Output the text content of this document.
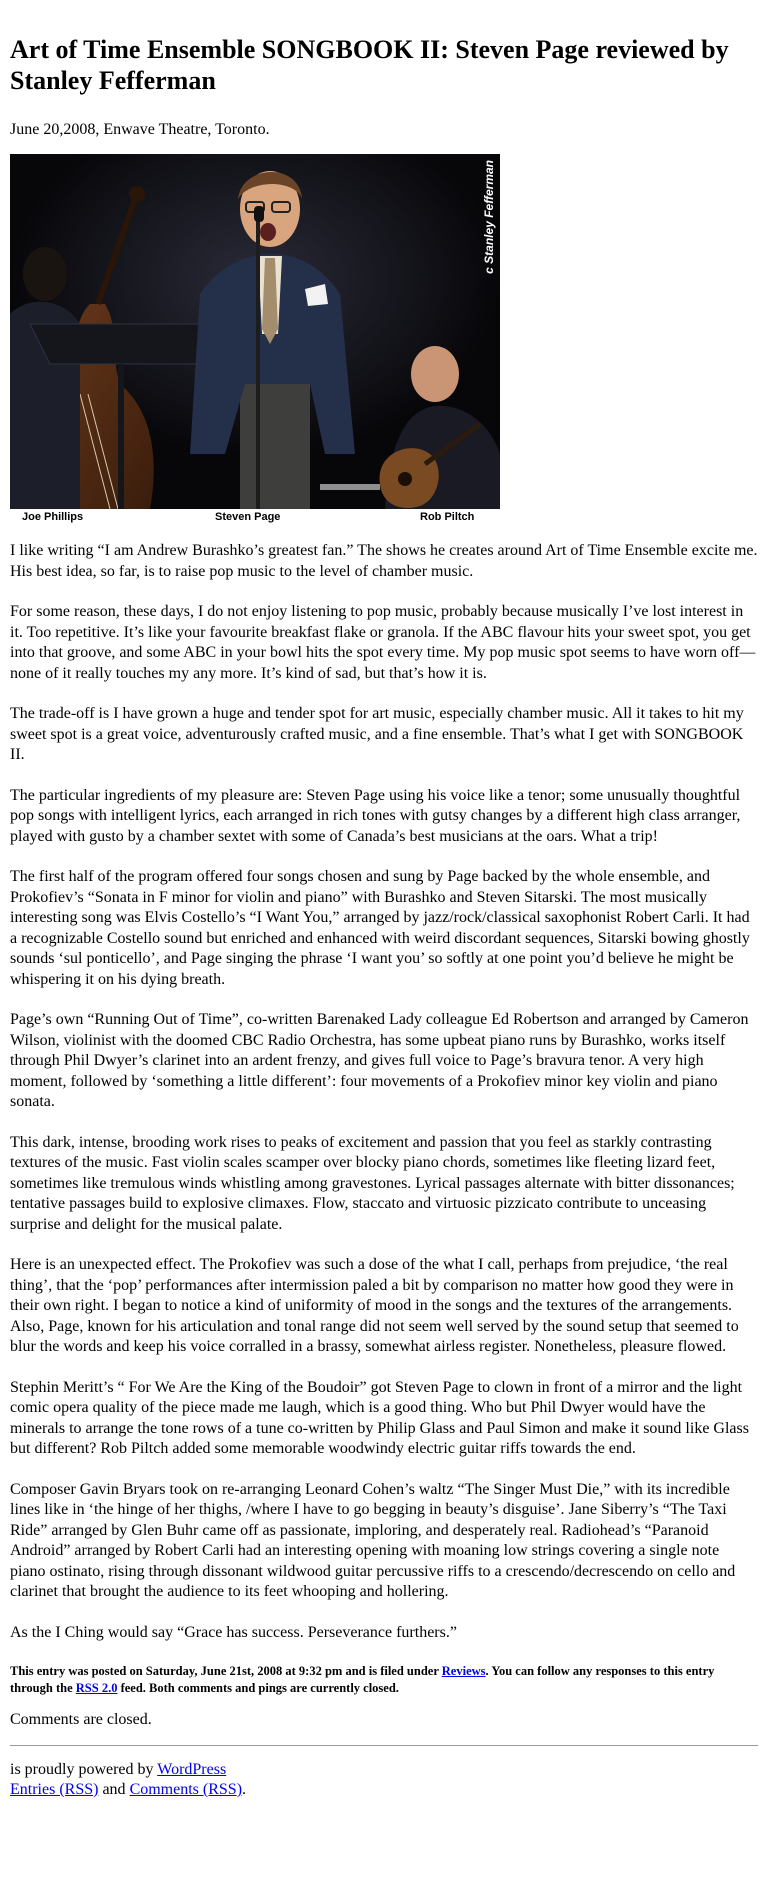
Art of Time Ensemble SONGBOOK II: Steven Page reviewed by Stanley Fefferman
June 20,2008, Enwave Theatre, Toronto.
c Stanley Fefferman
Joe Phillips	Steven Page	Rob Piltch

I like writing “I am Andrew Burashko’s greatest fan.” The shows he creates around Art of Time Ensemble excite me. His best idea, so far, is to raise pop music to the level of chamber music.

For some reason, these days, I do not enjoy listening to pop music, probably because musically I’ve lost interest in it. Too repetitive. It’s like your favourite breakfast flake or granola. If the ABC flavour hits your sweet spot, you get into that groove, and some ABC in your bowl hits the spot every time. My pop music spot seems to have worn off—none of it really touches my any more. It’s kind of sad, but that’s how it is.

The trade-off is I have grown a huge and tender spot for art music, especially chamber music. All it takes to hit my sweet spot is a great voice, adventurously crafted music, and a fine ensemble. That’s what I get with SONGBOOK II.

The particular ingredients of my pleasure are: Steven Page using his voice like a tenor; some unusually thoughtful pop songs with intelligent lyrics, each arranged in rich tones with gutsy changes by a different high class arranger, played with gusto by a chamber sextet with some of Canada’s best musicians at the oars. What a trip!

The first half of the program offered four songs chosen and sung by Page backed by the whole ensemble, and Prokofiev’s “Sonata in F minor for violin and piano” with Burashko and Steven Sitarski. The most musically interesting song was Elvis Costello’s “I Want You,” arranged by jazz/rock/classical saxophonist Robert Carli. It had a recognizable Costello sound but enriched and enhanced with weird discordant sequences, Sitarski bowing ghostly sounds ‘sul ponticello’, and Page singing the phrase ‘I want you’ so softly at one point you’d believe he might be whispering it on his dying breath.

Page’s own “Running Out of Time”, co-written Barenaked Lady colleague Ed Robertson and arranged by Cameron Wilson, violinist with the doomed CBC Radio Orchestra, has some upbeat piano runs by Burashko, works itself through Phil Dwyer’s clarinet into an ardent frenzy, and gives full voice to Page’s bravura tenor. A very high moment, followed by ‘something a little different’: four movements of a Prokofiev minor key violin and piano sonata.

This dark, intense, brooding work rises to peaks of excitement and passion that you feel as starkly contrasting textures of the music. Fast violin scales scamper over blocky piano chords, sometimes like fleeting lizard feet, sometimes like tremulous winds whistling among gravestones. Lyrical passages alternate with bitter dissonances; tentative passages build to explosive climaxes. Flow, staccato and virtuosic pizzicato contribute to unceasing surprise and delight for the musical palate.

Here is an unexpected effect. The Prokofiev was such a dose of the what I call, perhaps from prejudice, ‘the real thing’, that the ‘pop’ performances after intermission paled a bit by comparison no matter how good they were in their own right. I began to notice a kind of uniformity of mood in the songs and the textures of the arrangements. Also, Page, known for his articulation and tonal range did not seem well served by the sound setup that seemed to blur the words and keep his voice corralled in a brassy, somewhat airless register. Nonetheless, pleasure flowed.

Stephin Meritt’s “ For We Are the King of the Boudoir” got Steven Page to clown in front of a mirror and the light comic opera quality of the piece made me laugh, which is a good thing. Who but Phil Dwyer would have the minerals to arrange the tone rows of a tune co-written by Philip Glass and Paul Simon and make it sound like Glass but different? Rob Piltch added some memorable woodwindy electric guitar riffs towards the end.

Composer Gavin Bryars took on re-arranging Leonard Cohen’s waltz “The Singer Must Die,” with its incredible lines like in ‘the hinge of her thighs, /where I have to go begging in beauty’s disguise’. Jane Siberry’s “The Taxi Ride” arranged by Glen Buhr came off as passionate, imploring, and desperately real. Radiohead’s “Paranoid Android” arranged by Robert Carli had an interesting opening with moaning low strings covering a single note piano ostinato, rising through dissonant wildwood guitar percussive riffs to a crescendo/decrescendo on cello and clarinet that brought the audience to its feet whooping and hollering.

As the I Ching would say “Grace has success. Perseverance furthers.”

This entry was posted on Saturday, June 21st, 2008 at 9:32 pm and is filed under Reviews. You can follow any responses to this entry through the RSS 2.0 feed. Both comments and pings are currently closed.
Comments are closed.
is proudly powered by WordPress
Entries (RSS) and Comments (RSS).
